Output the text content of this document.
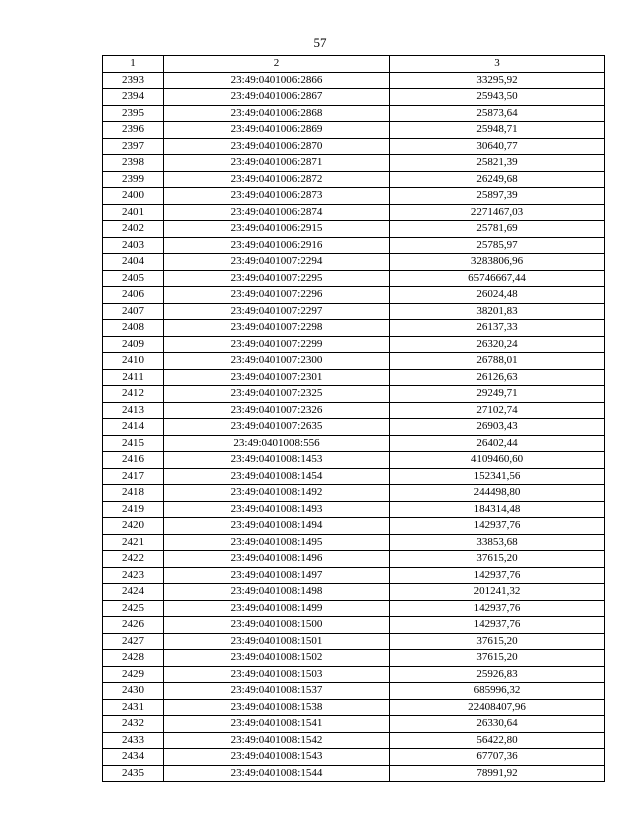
57
1	2	3
2393	23:49:0401006:2866	33295,92
2394	23:49:0401006:2867	25943,50
2395	23:49:0401006:2868	25873,64
2396	23:49:0401006:2869	25948,71
2397	23:49:0401006:2870	30640,77
2398	23:49:0401006:2871	25821,39
2399	23:49:0401006:2872	26249,68
2400	23:49:0401006:2873	25897,39
2401	23:49:0401006:2874	2271467,03
2402	23:49:0401006:2915	25781,69
2403	23:49:0401006:2916	25785,97
2404	23:49:0401007:2294	3283806,96
2405	23:49:0401007:2295	65746667,44
2406	23:49:0401007:2296	26024,48
2407	23:49:0401007:2297	38201,83
2408	23:49:0401007:2298	26137,33
2409	23:49:0401007:2299	26320,24
2410	23:49:0401007:2300	26788,01
2411	23:49:0401007:2301	26126,63
2412	23:49:0401007:2325	29249,71
2413	23:49:0401007:2326	27102,74
2414	23:49:0401007:2635	26903,43
2415	23:49:0401008:556	26402,44
2416	23:49:0401008:1453	4109460,60
2417	23:49:0401008:1454	152341,56
2418	23:49:0401008:1492	244498,80
2419	23:49:0401008:1493	184314,48
2420	23:49:0401008:1494	142937,76
2421	23:49:0401008:1495	33853,68
2422	23:49:0401008:1496	37615,20
2423	23:49:0401008:1497	142937,76
2424	23:49:0401008:1498	201241,32
2425	23:49:0401008:1499	142937,76
2426	23:49:0401008:1500	142937,76
2427	23:49:0401008:1501	37615,20
2428	23:49:0401008:1502	37615,20
2429	23:49:0401008:1503	25926,83
2430	23:49:0401008:1537	685996,32
2431	23:49:0401008:1538	22408407,96
2432	23:49:0401008:1541	26330,64
2433	23:49:0401008:1542	56422,80
2434	23:49:0401008:1543	67707,36
2435	23:49:0401008:1544	78991,92
